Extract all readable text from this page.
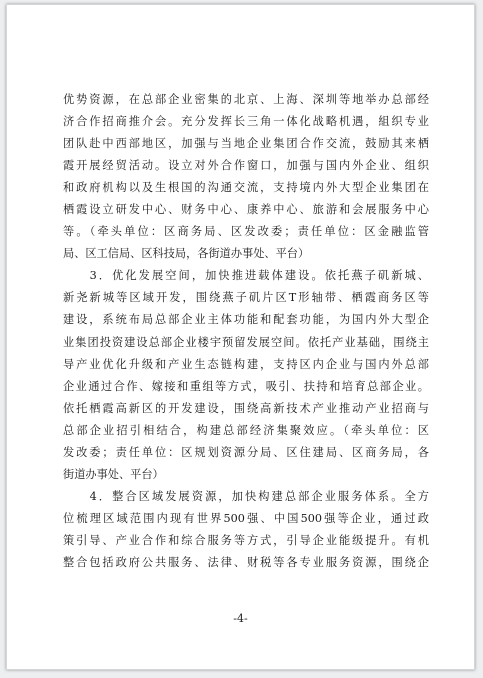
优势资源，在总部企业密集的北京、上海、深圳等地举办总部经
济合作招商推介会。充分发挥长三角一体化战略机遇，組织专业
团队赴中西部地区，加强与当地企业集团合作交流，鼓励其来栖
霞开展经贸活动。设立对外合作窗口，加强与国内外企业、组织
和政府机构以及生根国的沟通交流，支持境内外大型企业集团在
栖霞设立研发中心、财务中心、康养中心、旅游和会展服务中心
等。（牵头单位：区商务局、区发改委；责任单位：区金融监管
局、区工信局、区科技局，各街道办事处、平台）
　　3．优化发展空间，加快推进载体建设。依托燕子矶新城、
新尧新城等区域开发，围绕燕子矶片区T形轴带、栖霞商务区等
建设，系统布局总部企业主体功能和配套功能，为国内外大型企
业集团投资建设总部企业楼宇预留发展空间。依托产业基础，围绕主
导产业优化升级和产业生态链构建，支持区内企业与国内外总部
企业通过合作、嫁接和重组等方式，吸引、扶持和培育总部企业。
依托栖霞高新区的开发建设，围绕高新技术产业推动产业招商与
总部企业招引相结合，构建总部经济集聚效应。（牵头单位：区
发改委；责任单位：区规划资源分局、区住建局、区商务局，各
街道办事处、平台）
　　4．整合区域发展资源，加快构建总部企业服务体系。全方
位梳理区域范围内现有世界500强、中国500强等企业，通过政
策引导、产业合作和综合服务等方式，引导企业能级提升。有机
整合包括政府公共服务、法律、财税等各专业服务资源，围绕企
-4-
